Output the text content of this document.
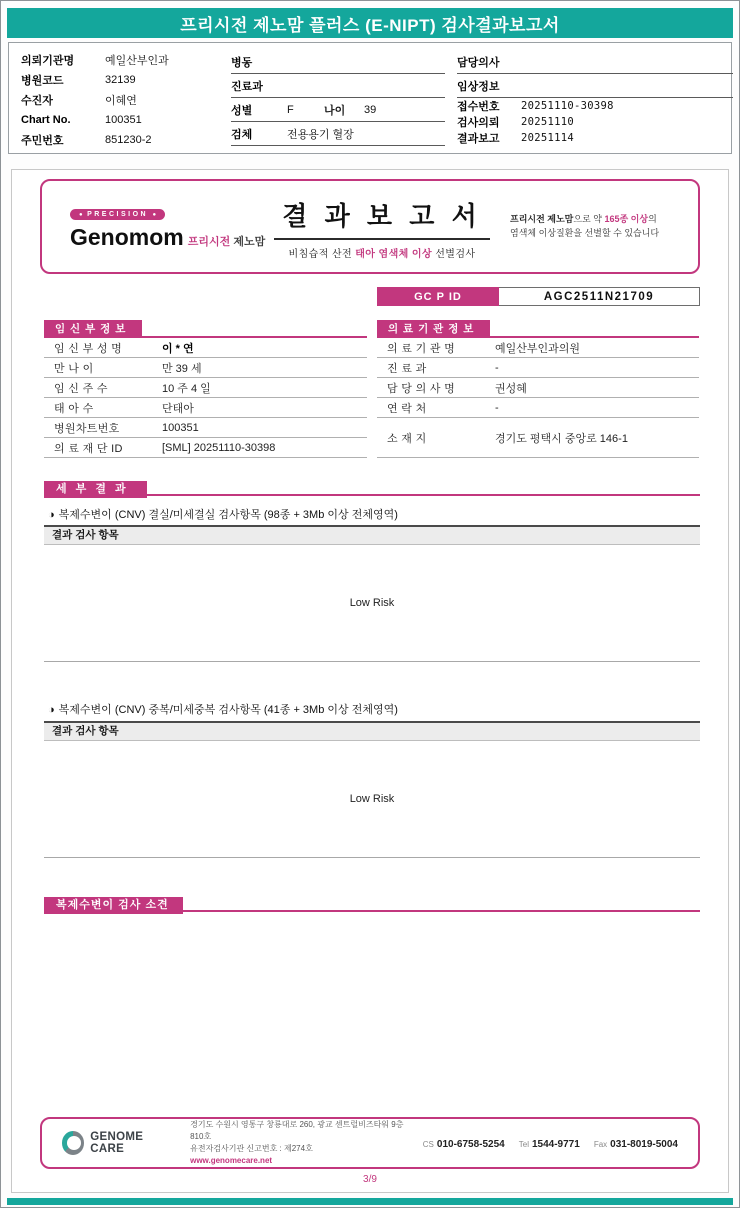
프리시전 제노맘 플러스 (E-NIPT) 검사결과보고서
의뢰기관명	예일산부인과
병원코드	32139
수진자	이혜연
Chart No.	100351
주민번호	851230-2
병동
진료과
성별	F	나이	39
검체	전용용기 혈장
담당의사
임상정보
접수번호	20251110-30398
검사의뢰	20251110
결과보고	20251114
● PRECISION ●
Genomom 프리시전 제노맘
결 과 보 고 서
비침습적 산전 태아 염색체 이상 선별검사
프리시전 제노맘으로 약 165종 이상의
염색체 이상질환을 선별할 수 있습니다
GC P ID	AGC2511N21709
임 신 부 정 보
임 신 부 성 명	이 * 연
만 나 이	만 39 세
임 신 주 수	10 주 4 일
태 아 수	단태아
병원차트번호	100351
의 료 재 단 ID	[SML] 20251110-30398
의 료 기 관 정 보
의 료 기 관 명	예일산부인과의원
진 료 과	-
담 당 의 사 명	권성혜
연 락 처	-
소 재 지	경기도 평택시 중앙로 146-1
세 부 결 과
◑ 복제수변이 (CNV) 결실/미세결실 검사항목 (98종 + 3Mb 이상 전체영역)
결과 검사 항목
Low Risk
◑ 복제수변이 (CNV) 중복/미세중복 검사항목 (41종 + 3Mb 이상 전체영역)
결과 검사 항목
Low Risk
복제수변이 검사 소견
GENOME CARE
경기도 수원시 영통구 창룡대로 260, 광교 센트럴비즈타워 9층 810호
유전자검사기관 신고번호 : 제274호
www.genomecare.net
CS 010-6758-5254 Tel 1544-9771 Fax 031-8019-5004
3/9
